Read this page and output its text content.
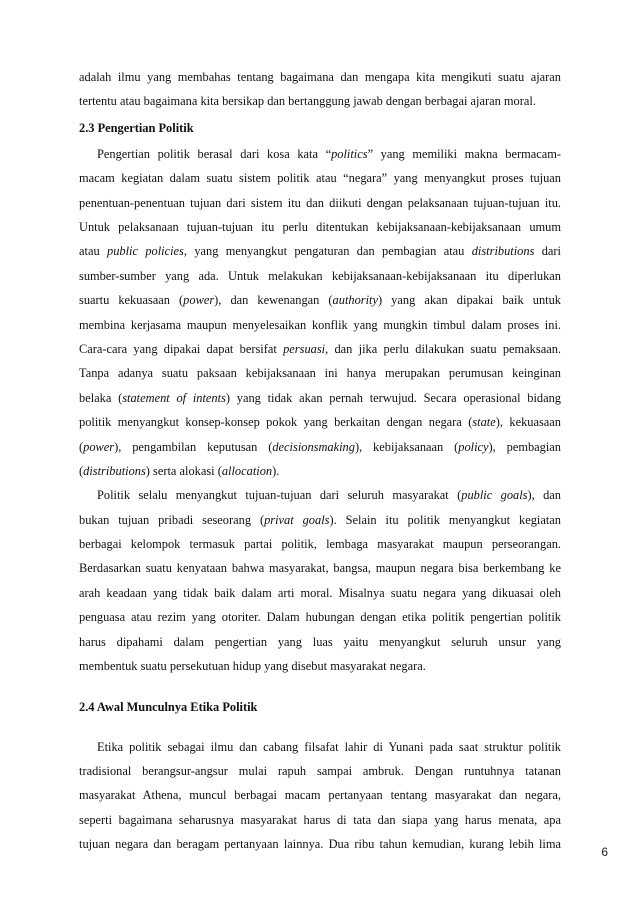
adalah ilmu yang membahas tentang bagaimana dan mengapa kita mengikuti suatu ajaran
tertentu atau bagaimana kita bersikap dan bertanggung jawab dengan berbagai ajaran moral.
2.3 Pengertian Politik
Pengertian politik berasal dari kosa kata “politics” yang memiliki makna bermacam-
macam kegiatan dalam suatu sistem politik atau “negara” yang menyangkut proses tujuan
penentuan-penentuan tujuan dari sistem itu dan diikuti dengan pelaksanaan tujuan-tujuan itu.
Untuk pelaksanaan tujuan-tujuan itu perlu ditentukan kebijaksanaan-kebijaksanaan umum
atau public policies, yang menyangkut pengaturan dan pembagian atau distributions dari
sumber-sumber yang ada. Untuk melakukan kebijaksanaan-kebijaksanaan itu diperlukan
suartu kekuasaan (power), dan kewenangan (authority) yang akan dipakai baik untuk
membina kerjasama maupun menyelesaikan konflik yang mungkin timbul dalam proses ini.
Cara-cara yang dipakai dapat bersifat persuasi, dan jika perlu dilakukan suatu pemaksaan.
Tanpa adanya suatu paksaan kebijaksanaan ini hanya merupakan perumusan keinginan
belaka (statement of intents) yang tidak akan pernah terwujud. Secara operasional bidang
politik menyangkut konsep-konsep pokok yang berkaitan dengan negara (state), kekuasaan
(power), pengambilan keputusan (decisionsmaking), kebijaksanaan (policy), pembagian
(distributions) serta alokasi (allocation).
Politik selalu menyangkut tujuan-tujuan dari seluruh masyarakat (public goals), dan
bukan tujuan pribadi seseorang (privat goals). Selain itu politik menyangkut kegiatan
berbagai kelompok termasuk partai politik, lembaga masyarakat maupun perseorangan.
Berdasarkan suatu kenyataan bahwa masyarakat, bangsa, maupun negara bisa berkembang ke
arah keadaan yang tidak baik dalam arti moral. Misalnya suatu negara yang dikuasai oleh
penguasa atau rezim yang otoriter. Dalam hubungan dengan etika politik pengertian politik
harus dipahami dalam pengertian yang luas yaitu menyangkut seluruh unsur yang
membentuk suatu persekutuan hidup yang disebut masyarakat negara.
2.4 Awal Munculnya Etika Politik
Etika politik sebagai ilmu dan cabang filsafat lahir di Yunani pada saat struktur politik
tradisional berangsur-angsur mulai rapuh sampai ambruk. Dengan runtuhnya tatanan
masyarakat Athena, muncul berbagai macam pertanyaan tentang masyarakat dan negara,
seperti bagaimana seharusnya masyarakat harus di tata dan siapa yang harus menata, apa
tujuan negara dan beragam pertanyaan lainnya. Dua ribu tahun kemudian, kurang lebih lima
6
